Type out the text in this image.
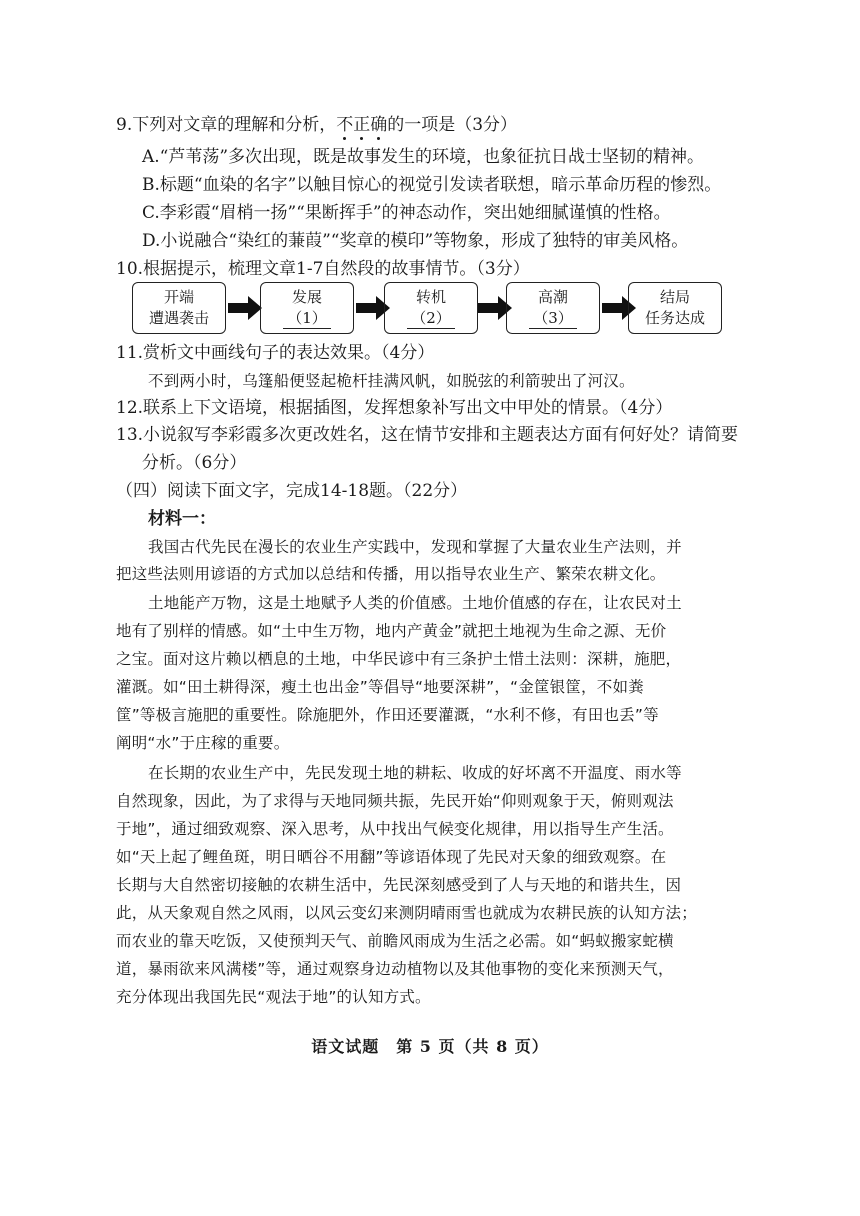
9.下列对文章的理解和分析，不正确的一项是（3分）
A.“芦苇荡”多次出现，既是故事发生的环境，也象征抗日战士坚韧的精神。
B.标题“血染的名字”以触目惊心的视觉引发读者联想，暗示革命历程的惨烈。
C.李彩霞“眉梢一扬”“果断挥手”的神态动作，突出她细腻谨慎的性格。
D.小说融合“染红的蒹葭”“奖章的模印”等物象，形成了独特的审美风格。
10.根据提示，梳理文章1-7自然段的故事情节。（3分）
开端
遭遇袭击
发展
（1）
转机
（2）
高潮
（3）
结局
任务达成
11.赏析文中画线句子的表达效果。（4分）
不到两小时，乌篷船便竖起桅杆挂满风帆，如脱弦的利箭驶出了河汉。
12.联系上下文语境，根据插图，发挥想象补写出文中甲处的情景。（4分）
13.小说叙写李彩霞多次更改姓名，这在情节安排和主题表达方面有何好处？请简要
分析。（6分）
（四）阅读下面文字，完成14-18题。（22分）
材料一：
我国古代先民在漫长的农业生产实践中，发现和掌握了大量农业生产法则，并
把这些法则用谚语的方式加以总结和传播，用以指导农业生产、繁荣农耕文化。
土地能产万物，这是土地赋予人类的价值感。土地价值感的存在，让农民对土
地有了别样的情感。如“土中生万物，地内产黄金”就把土地视为生命之源、无价
之宝。面对这片赖以栖息的土地，中华民谚中有三条护土惜土法则：深耕，施肥，
灌溉。如“田土耕得深，瘦土也出金”等倡导“地要深耕”，“金筐银筐，不如粪
筐”等极言施肥的重要性。除施肥外，作田还要灌溉，“水利不修，有田也丢”等
阐明“水”于庄稼的重要。
在长期的农业生产中，先民发现土地的耕耘、收成的好坏离不开温度、雨水等
自然现象，因此，为了求得与天地同频共振，先民开始“仰则观象于天，俯则观法
于地”，通过细致观察、深入思考，从中找出气候变化规律，用以指导生产生活。
如“天上起了鲤鱼斑，明日晒谷不用翻”等谚语体现了先民对天象的细致观察。在
长期与大自然密切接触的农耕生活中，先民深刻感受到了人与天地的和谐共生，因
此，从天象观自然之风雨，以风云变幻来测阴晴雨雪也就成为农耕民族的认知方法；
而农业的靠天吃饭，又使预判天气、前瞻风雨成为生活之必需。如“蚂蚁搬家蛇横
道，暴雨欲来风满楼”等，通过观察身边动植物以及其他事物的变化来预测天气，
充分体现出我国先民“观法于地”的认知方式。
语文试题　第 5 页（共 8 页）
